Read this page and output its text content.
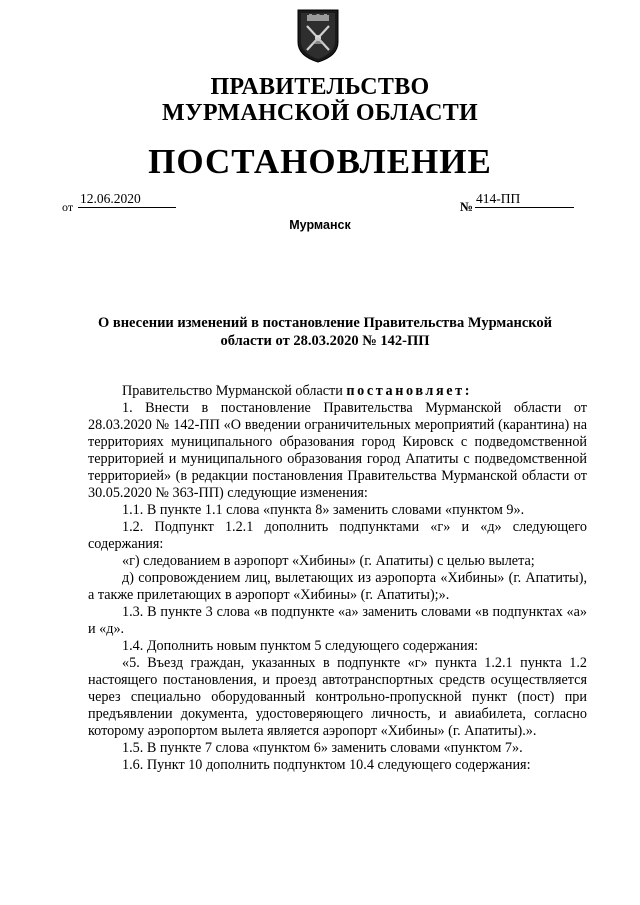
ПРАВИТЕЛЬСТВО
МУРМАНСКОЙ ОБЛАСТИ
ПОСТАНОВЛЕНИЕ
от
12.06.2020
№
414-ПП
Мурманск
О внесении изменений в постановление Правительства Мурманской
области от 28.03.2020 № 142-ПП

Правительство Мурманской области постановляет:

1. Внести в постановление Правительства Мурманской области от 28.03.2020 № 142-ПП «О введении ограничительных мероприятий (карантина) на территориях муниципального образования город Кировск с подведомственной территорией и муниципального образования город Апатиты с подведомственной территорией» (в редакции постановления Правительства Мурманской области от 30.05.2020 № 363-ПП) следующие изменения:

1.1. В пункте 1.1 слова «пункта 8» заменить словами «пунктом 9».

1.2. Подпункт 1.2.1 дополнить подпунктами «г» и «д» следующего содержания:

«г) следованием в аэропорт «Хибины» (г. Апатиты) с целью вылета;

д) сопровождением лиц, вылетающих из аэропорта «Хибины» (г. Апатиты), а также прилетающих в аэропорт «Хибины» (г. Апатиты);».

1.3. В пункте 3 слова «в подпункте «а» заменить словами «в подпунктах «а» и «д».

1.4. Дополнить новым пунктом 5 следующего содержания:

«5. Въезд граждан, указанных в подпункте «г» пункта 1.2.1 пункта 1.2 настоящего постановления, и проезд автотранспортных средств осуществляется через специально оборудованный контрольно-пропускной пункт (пост) при предъявлении документа, удостоверяющего личность, и авиабилета, согласно которому аэропортом вылета является аэропорт «Хибины» (г. Апатиты).».

1.5. В пункте 7 слова «пунктом 6» заменить словами «пунктом 7».

1.6. Пункт 10 дополнить подпунктом 10.4 следующего содержания:
